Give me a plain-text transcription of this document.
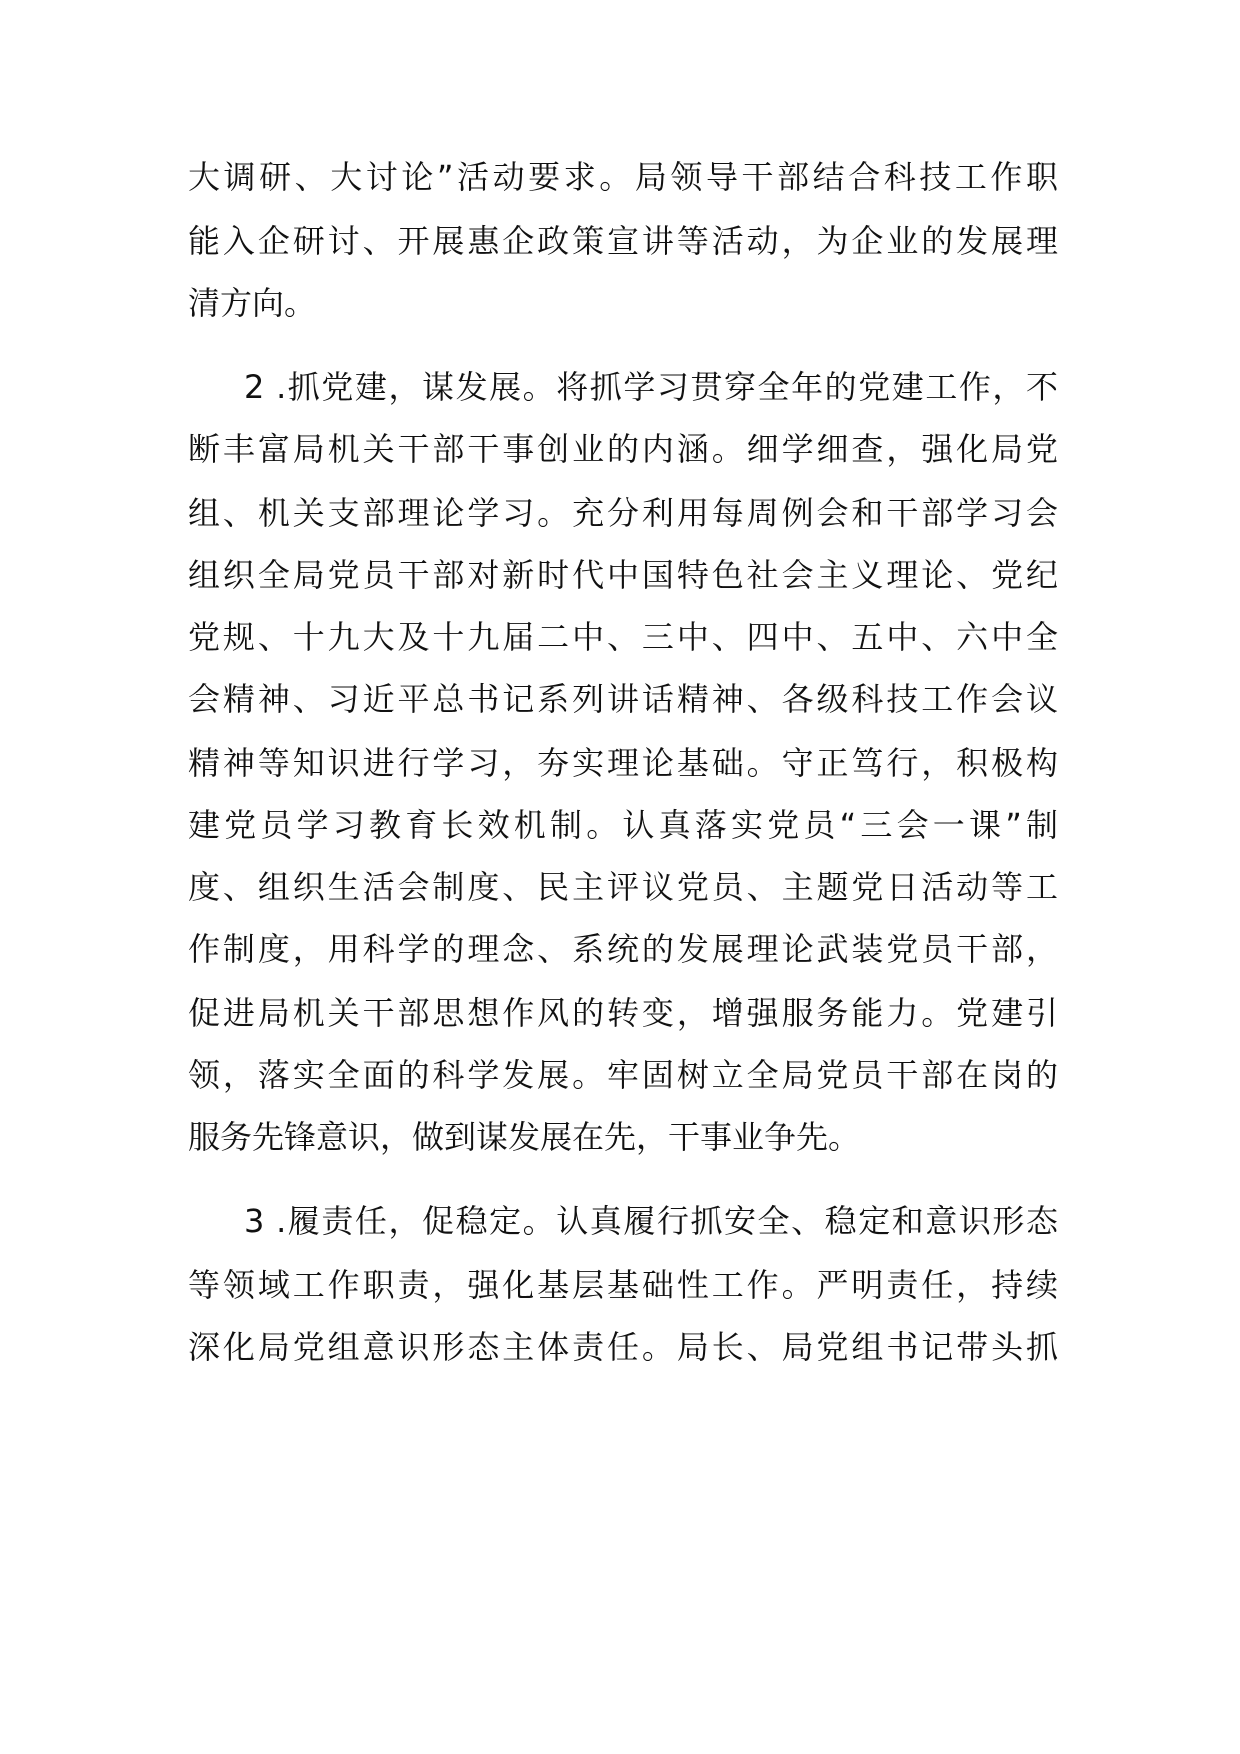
大调研、大讨论”活动要求。局领导干部结合科技工作职

能入企研讨、开展惠企政策宣讲等活动，为企业的发展理

清方向。

2 .抓党建，谋发展。将抓学习贯穿全年的党建工作，不

断丰富局机关干部干事创业的内涵。细学细查，强化局党

组、机关支部理论学习。充分利用每周例会和干部学习会

组织全局党员干部对新时代中国特色社会主义理论、党纪

党规、十九大及十九届二中、三中、四中、五中、六中全

会精神、习近平总书记系列讲话精神、各级科技工作会议

精神等知识进行学习，夯实理论基础。守正笃行，积极构

建党员学习教育长效机制。认真落实党员“三会一课”制

度、组织生活会制度、民主评议党员、主题党日活动等工

作制度，用科学的理念、系统的发展理论武装党员干部，

促进局机关干部思想作风的转变，增强服务能力。党建引

领，落实全面的科学发展。牢固树立全局党员干部在岗的

服务先锋意识，做到谋发展在先，干事业争先。

3 .履责任，促稳定。认真履行抓安全、稳定和意识形态

等领域工作职责，强化基层基础性工作。严明责任，持续

深化局党组意识形态主体责任。局长、局党组书记带头抓
